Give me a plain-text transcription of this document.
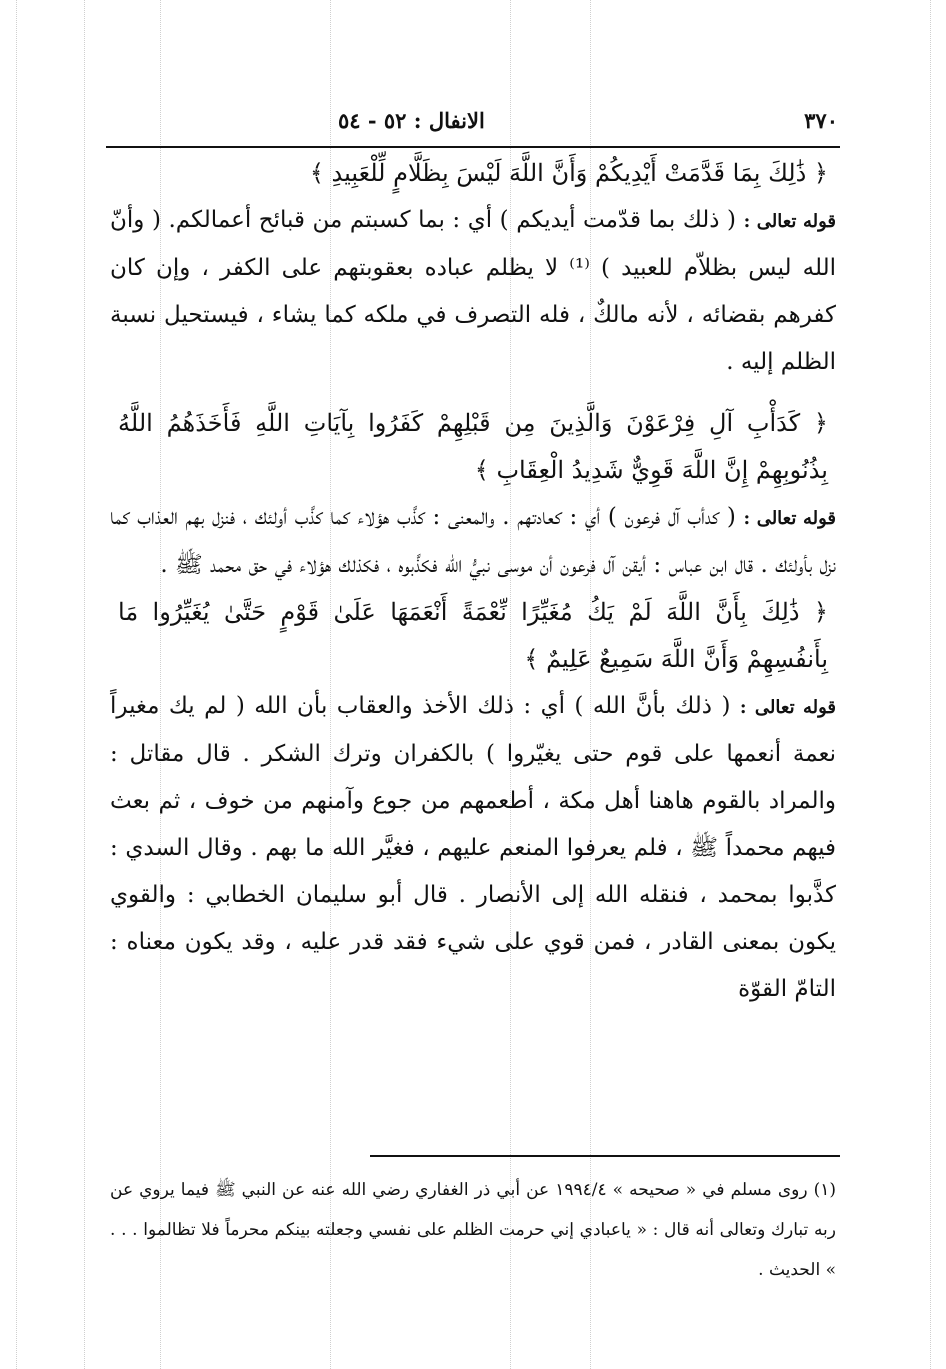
٣٧٠
الانفال : ٥٢ - ٥٤

﴿ ذَٰلِكَ بِمَا قَدَّمَتْ أَيْدِيكُمْ وَأَنَّ اللَّهَ لَيْسَ بِظَلَّامٍ لِّلْعَبِيدِ ﴾

قوله تعالى : ( ذلك بما قدّمت أيديكم ) أي : بما كسبتم من قبائح أعمالكم. ( وأنّ الله ليس بظلاّم للعبيد ) ⁽¹⁾ لا يظلم عباده بعقوبتهم على الكفر ، وإن كان كفرهم بقضائه ، لأنه مالكٌ ، فله التصرف في ملكه كما يشاء ، فيستحيل نسبة الظلم إليه .

﴿ كَدَأْبِ آلِ فِرْعَوْنَ وَالَّذِينَ مِن قَبْلِهِمْ كَفَرُوا بِآيَاتِ اللَّهِ فَأَخَذَهُمُ اللَّهُ بِذُنُوبِهِمْ إِنَّ اللَّهَ قَوِيٌّ شَدِيدُ الْعِقَابِ ﴾

قوله تعالى : ( كدأب آل فرعون ) أي : كعادتهم . والمعنى : كذَّب هؤلاء كما كذَّب أولئك ، فنزل بهم العذاب كما نزل بأولئك . قال ابن عباس : أيقن آل فرعون أن موسى نبيُّ الله فكذَّبوه ، فكذلك هؤلاء في حق محمد ﷺ .

﴿ ذَٰلِكَ بِأَنَّ اللَّهَ لَمْ يَكُ مُغَيِّرًا نِّعْمَةً أَنْعَمَهَا عَلَىٰ قَوْمٍ حَتَّىٰ يُغَيِّرُوا مَا بِأَنفُسِهِمْ وَأَنَّ اللَّهَ سَمِيعٌ عَلِيمٌ ﴾

قوله تعالى : ( ذلك بأنَّ الله ) أي : ذلك الأخذ والعقاب بأن الله ( لم يك مغيراً نعمة أنعمها على قوم حتى يغيّروا ) بالكفران وترك الشكر . قال مقاتل : والمراد بالقوم هاهنا أهل مكة ، أطعمهم من جوع وآمنهم من خوف ، ثم بعث فيهم محمداً ﷺ ، فلم يعرفوا المنعم عليهم ، فغيَّر الله ما بهم . وقال السدي : كذَّبوا بمحمد ، فنقله الله إلى الأنصار . قال أبو سليمان الخطابي : والقوي يكون بمعنى القادر ، فمن قوي على شيء فقد قدر عليه ، وقد يكون معناه : التامّ القوّة

(١) روى مسلم في « صحيحه » ١٩٩٤/٤ عن أبي ذر الغفاري رضي الله عنه عن النبي ﷺ فيما يروي عن ربه تبارك وتعالى أنه قال : « ياعبادي إني حرمت الظلم على نفسي وجعلته بينكم محرماً فلا تظالموا . . . » الحديث .
